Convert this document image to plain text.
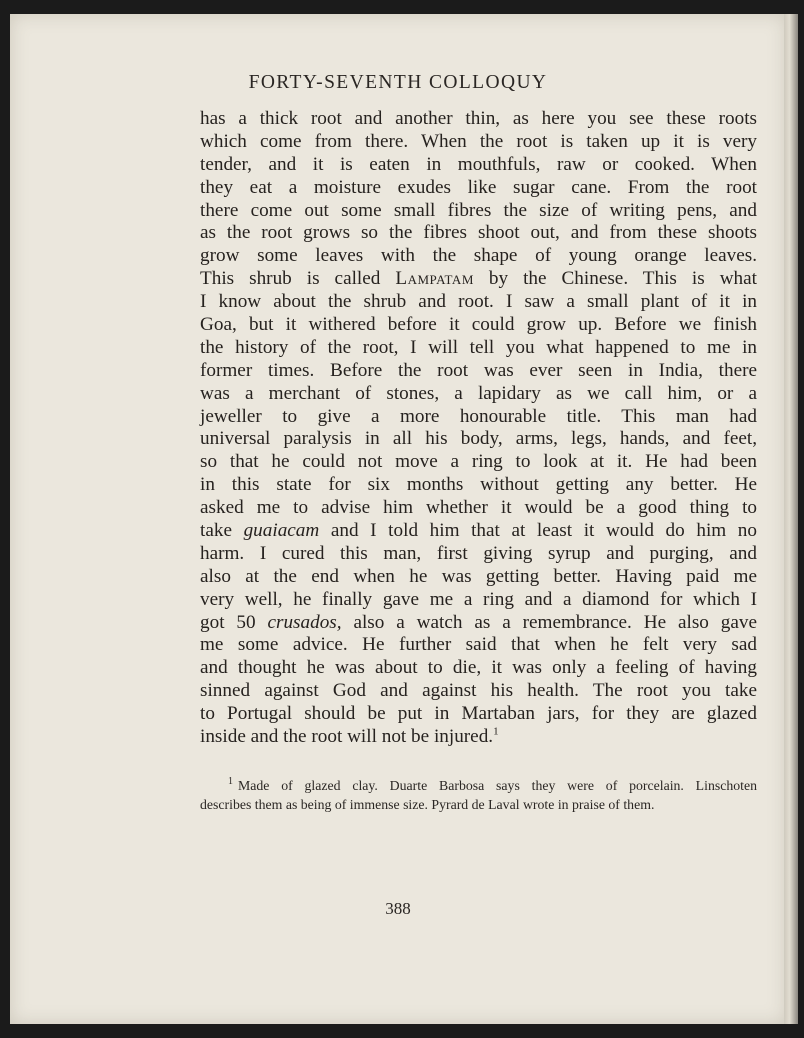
FORTY-SEVENTH COLLOQUY
has a thick root and another thin, as here you see these roots
which come from there. When the root is taken up it is very
tender, and it is eaten in mouthfuls, raw or cooked. When
they eat a moisture exudes like sugar cane. From the root
there come out some small fibres the size of writing pens, and
as the root grows so the fibres shoot out, and from these shoots
grow some leaves with the shape of young orange leaves.
This shrub is called Lampatam by the Chinese. This is what
I know about the shrub and root. I saw a small plant of it in
Goa, but it withered before it could grow up. Before we finish
the history of the root, I will tell you what happened to me in
former times. Before the root was ever seen in India, there
was a merchant of stones, a lapidary as we call him, or a
jeweller to give a more honourable title. This man had
universal paralysis in all his body, arms, legs, hands, and feet,
so that he could not move a ring to look at it. He had been
in this state for six months without getting any better. He
asked me to advise him whether it would be a good thing to
take guaiacam and I told him that at least it would do him no
harm. I cured this man, first giving syrup and purging, and
also at the end when he was getting better. Having paid me
very well, he finally gave me a ring and a diamond for which I
got 50 crusados, also a watch as a remembrance. He also gave
me some advice. He further said that when he felt very sad
and thought he was about to die, it was only a feeling of having
sinned against God and against his health. The root you take
to Portugal should be put in Martaban jars, for they are glazed
inside and the root will not be injured.$^1$
$^1$ Made of glazed clay. Duarte Barbosa says they were of porcelain. Linschoten
describes them as being of immense size. Pyrard de Laval wrote in praise of them.
388
